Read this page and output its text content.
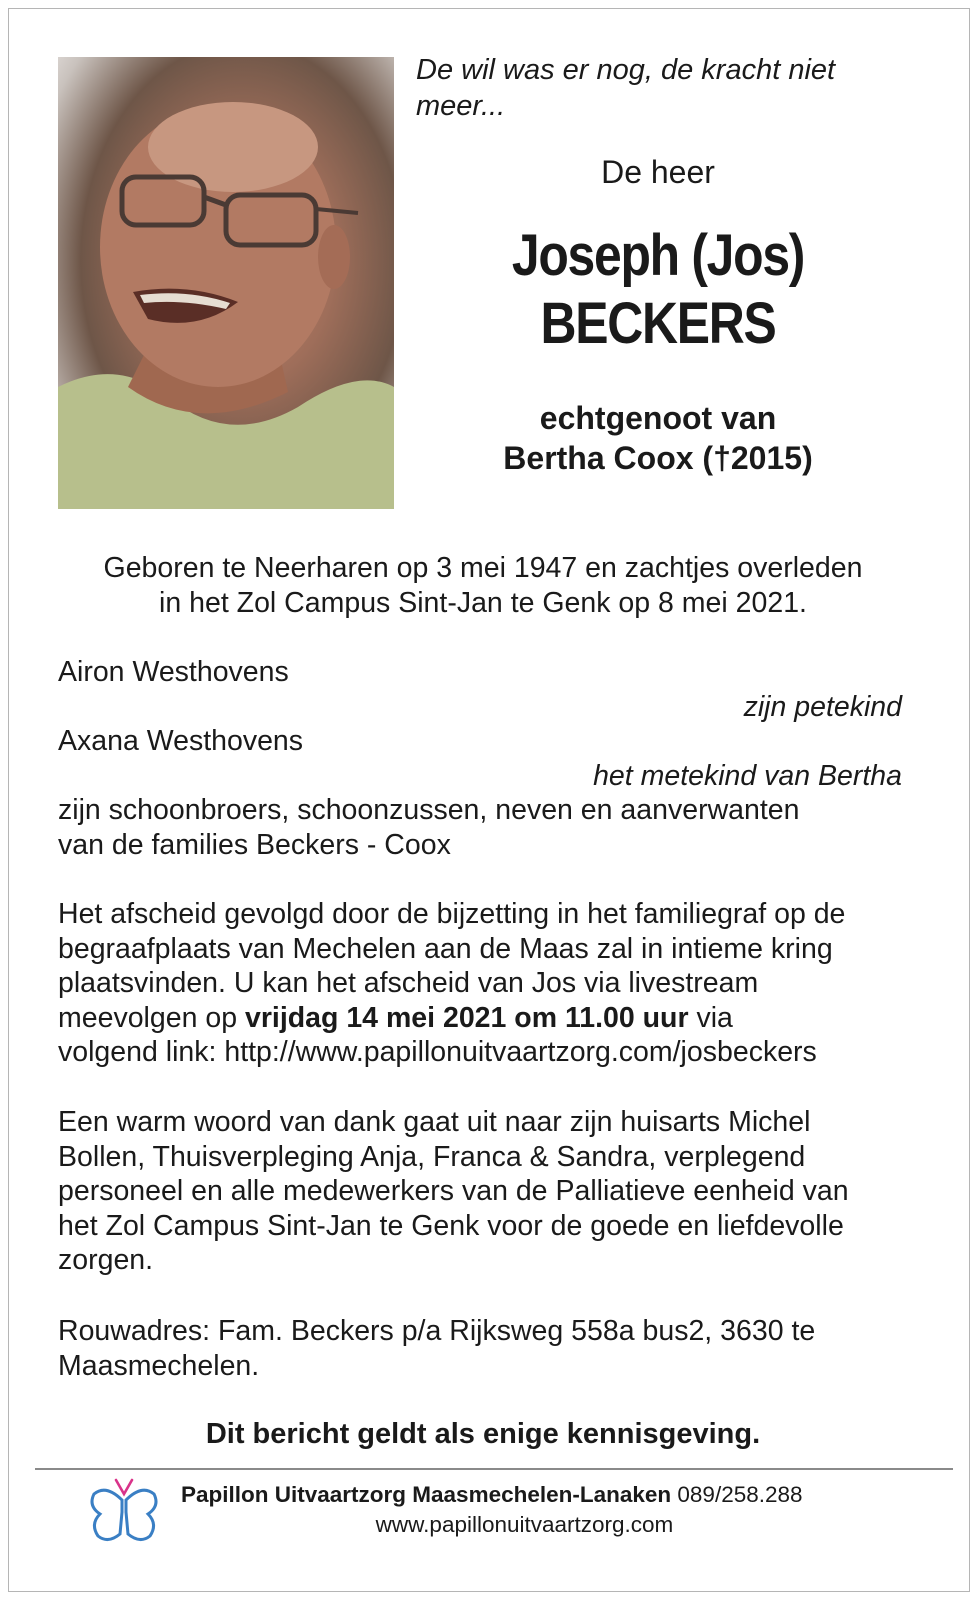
De wil was er nog, de kracht niet
meer...

De heer

Joseph (Jos)
BECKERS

echtgenoot van
Bertha Coox (†2015)

Geboren te Neerharen op 3 mei 1947 en zachtjes overleden
in het Zol Campus Sint-Jan te Genk op 8 mei 2021.

Airon Westhovens

zijn petekind

Axana Westhovens

het metekind van Bertha

zijn schoonbroers, schoonzussen, neven en aanverwanten
van de families Beckers - Coox

Het afscheid gevolgd door de bijzetting in het familiegraf op de
begraafplaats van Mechelen aan de Maas zal in intieme kring
plaatsvinden. U kan het afscheid van Jos via livestream
meevolgen op vrijdag 14 mei 2021 om 11.00 uur via
volgend link: http://www.papillonuitvaartzorg.com/josbeckers

Een warm woord van dank gaat uit naar zijn huisarts Michel
Bollen, Thuisverpleging Anja, Franca & Sandra, verplegend
personeel en alle medewerkers van de Palliatieve eenheid van
het Zol Campus Sint-Jan te Genk voor de goede en liefdevolle
zorgen.

Rouwadres: Fam. Beckers p/a Rijksweg 558a bus2, 3630 te
Maasmechelen.

Dit bericht geldt als enige kennisgeving.

Papillon Uitvaartzorg Maasmechelen-Lanaken 089/258.288

www.papillonuitvaartzorg.com
